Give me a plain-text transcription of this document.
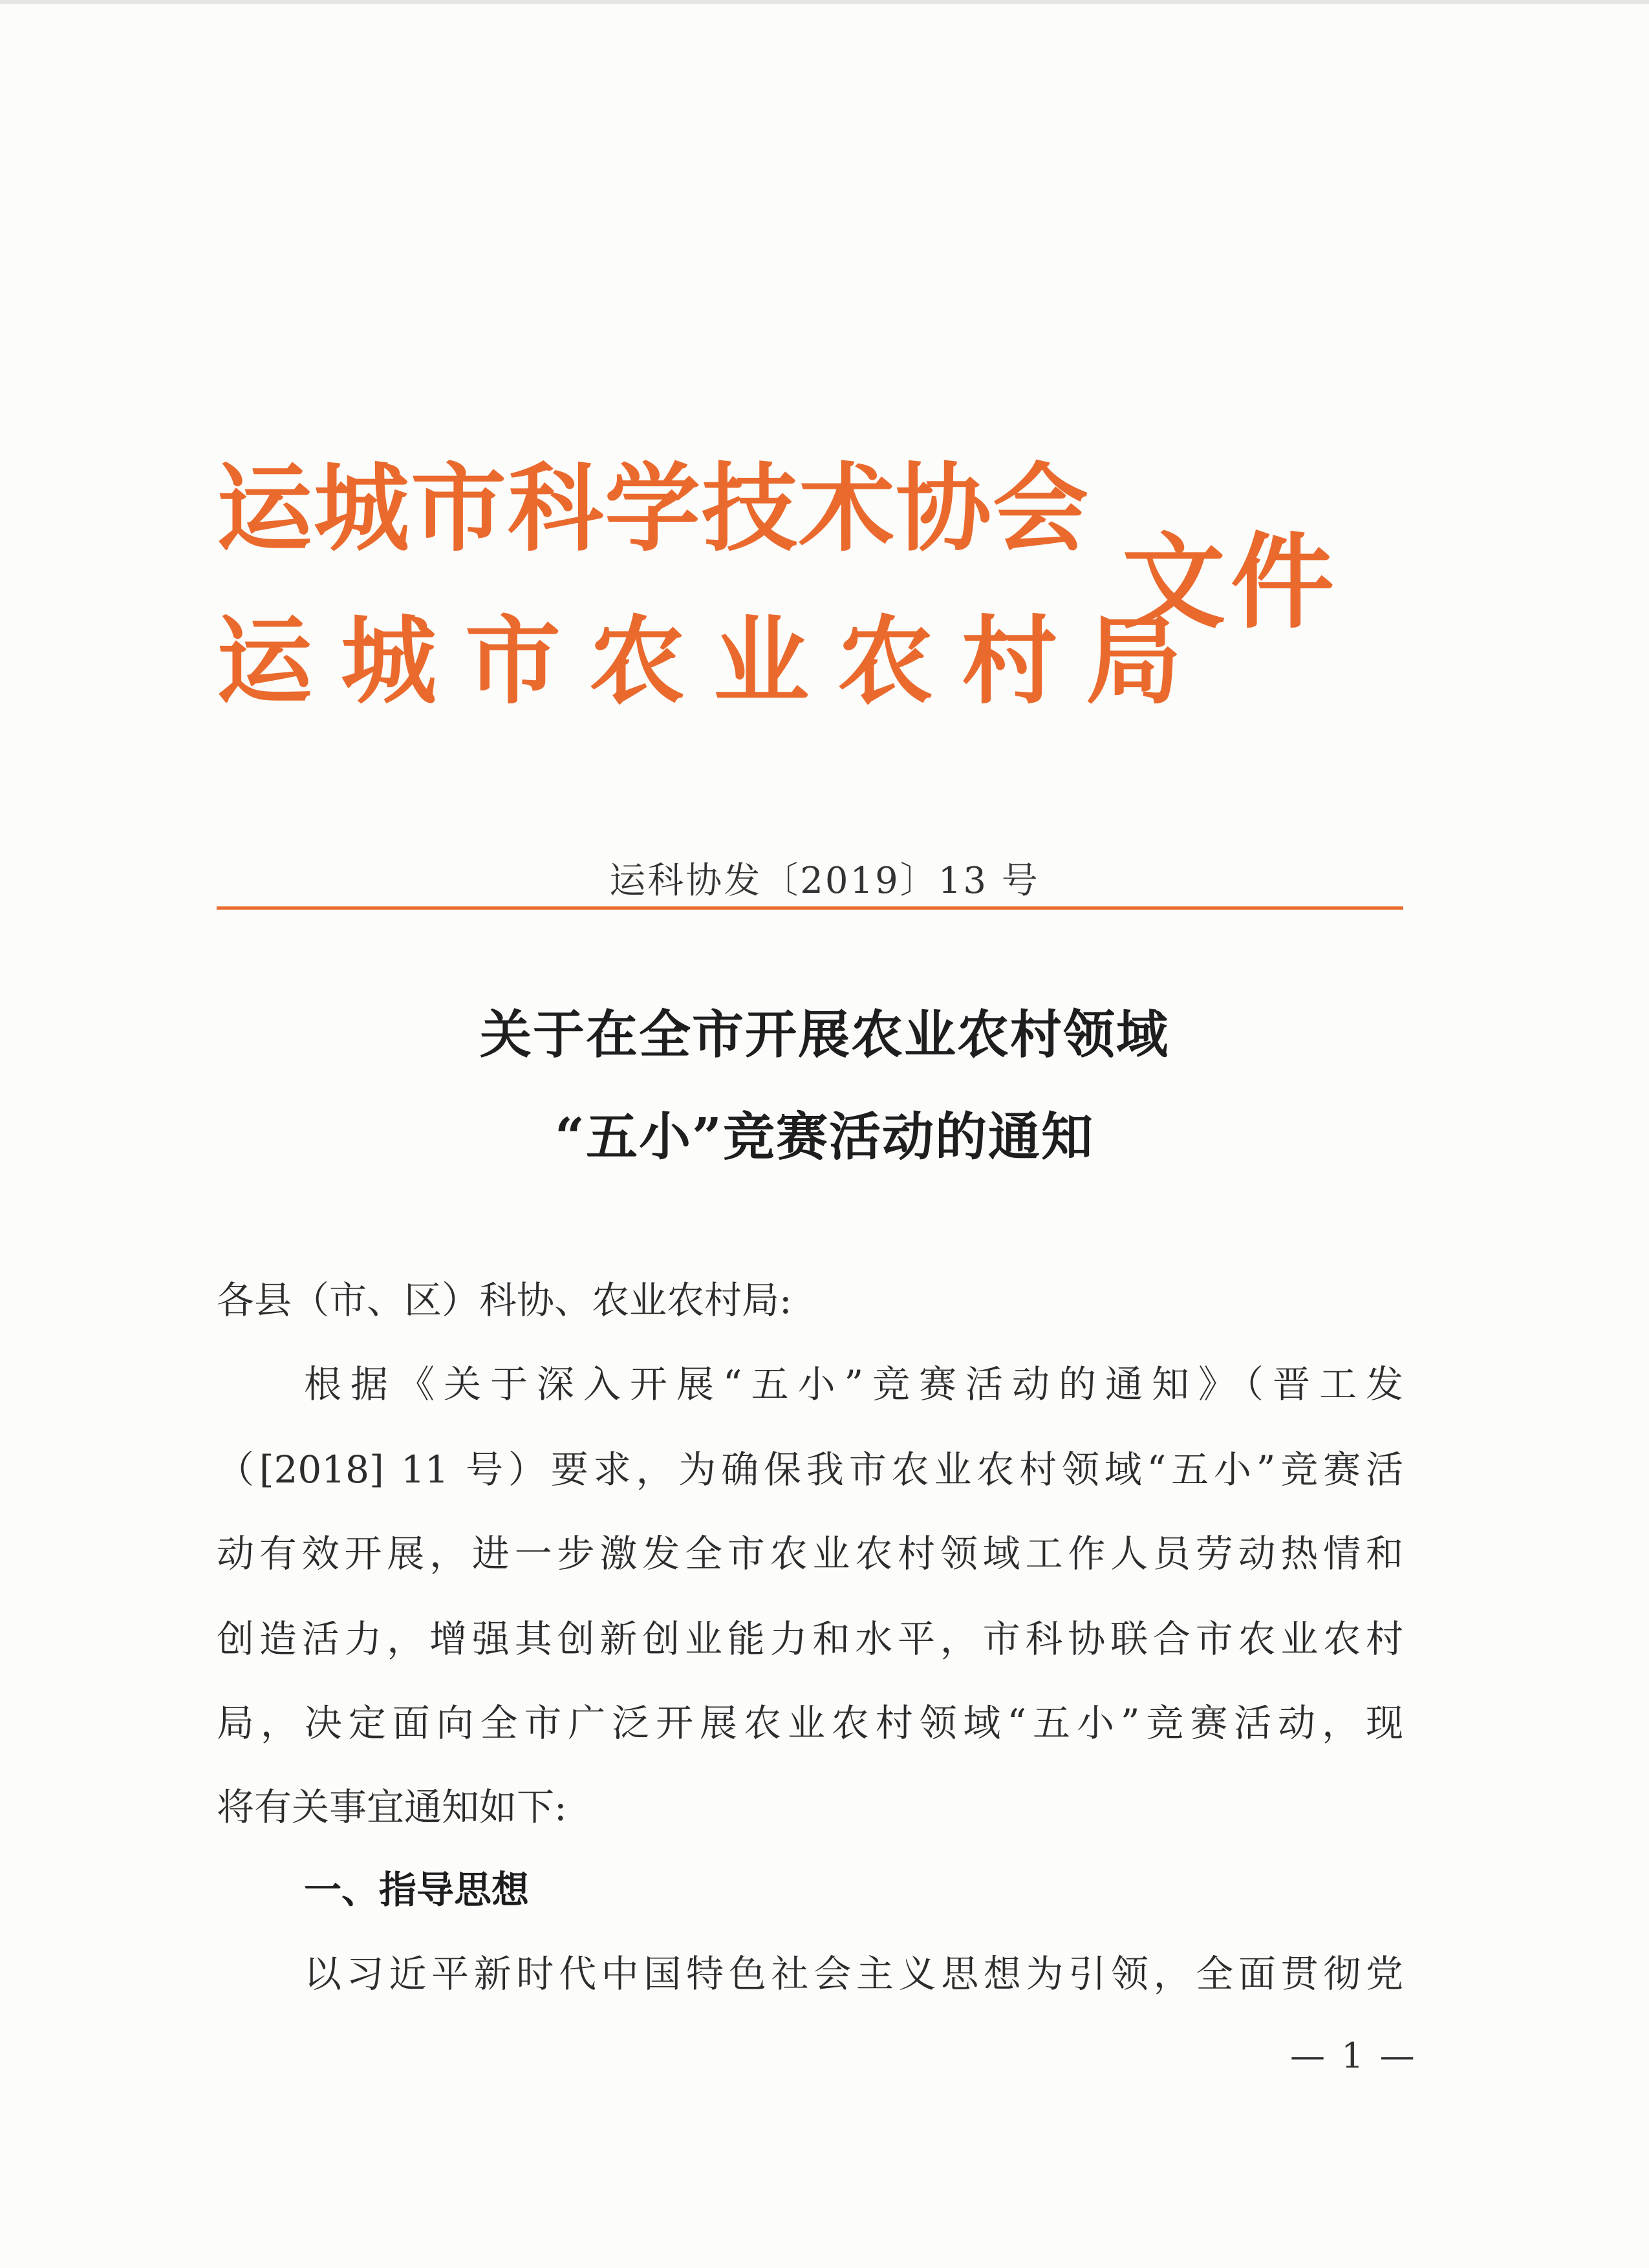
运城市科学技术协会
运城市农业农村局
文件
运科协发〔2019〕13 号
关于在全市开展农业农村领域
“五小”竞赛活动的通知
各县（市、区）科协、农业农村局:
根据《关于深入开展“五小”竞赛活动的通知》（晋工发
（[2018] 11 号）要求，为确保我市农业农村领域“五小”竞赛活
动有效开展，进一步激发全市农业农村领域工作人员劳动热情和
创造活力，增强其创新创业能力和水平，市科协联合市农业农村
局，决定面向全市广泛开展农业农村领域“五小”竞赛活动，现
将有关事宜通知如下:
一、指导思想
以习近平新时代中国特色社会主义思想为引领，全面贯彻党
— 1 —
